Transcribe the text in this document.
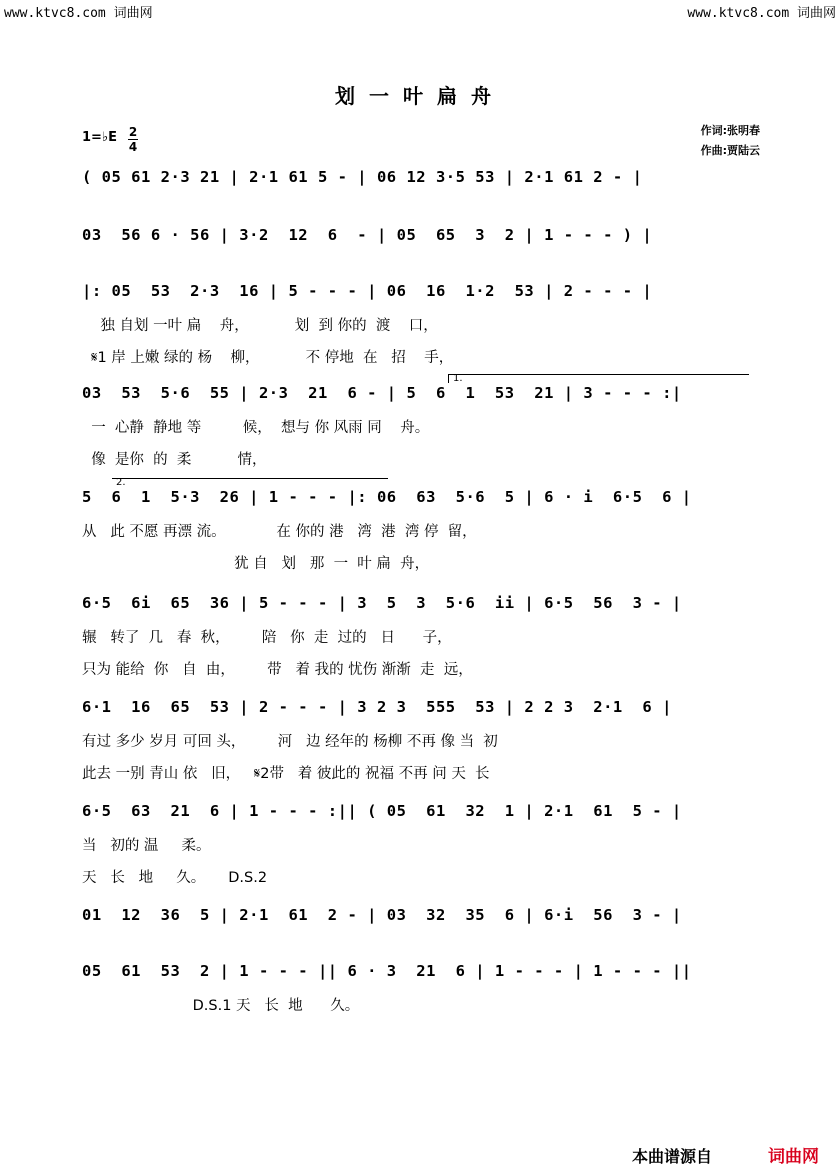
www.ktvc8.com 词曲网	www.ktvc8.com 词曲网
划一叶扁舟
1=♭E 2
4
作词:张明春
作曲:贾陆云
( 05 61 2·3 21 | 2·1 61 5 - | 06 12 3·5 53 | 2·1 61 2 - |
03  56 6 · 56 | 3·2  12  6  - | 05  65  3  2 | 1 - - - ) |
|: 05  53  2·3  16 | 5 - - - | 06  16  1·2  53 | 2 - - - |
独 自划 一叶 扁    舟，          划  到 你的  渡    口，
𝄋1 岸 上嫩 绿的 杨    柳，          不 停地  在   招    手，
1.
03  53  5·6  55 | 2·3  21  6 - | 5  6  1  53  21 | 3 - - - :|
一  心静  静地 等         候，  想与 你 风雨 同    舟。
像  是你  的  柔          情，
2.
5  6  1  5·3  26 | 1 - - - |: 06  63  5·6  5 | 6 · i  6·5  6 |
从   此 不愿 再漂 流。           在 你的 港   湾  港  湾 停  留，
犹 自   划   那  一  叶 扁  舟，
6·5  6i  65  36 | 5 - - - | 3  5  3  5·6  ii | 6·5  56  3 - |
辗   转了  几   春  秋，       陪   你  走  过的   日      子，
只为 能给  你   自  由，       带   着 我的 忧伤 渐渐  走  远，
6·1  16  65  53 | 2 - - - | 3 2 3  555  53 | 2 2 3  2·1  6 |
有过 多少 岁月 可回 头，       河   边 经年的 杨柳 不再 像 当  初
此去 一别 青山 依   旧，   𝄋2带   着 彼此的 祝福 不再 问 天  长
6·5  63  21  6 | 1 - - - :|| ( 05  61  32  1 | 2·1  61  5 - |
当   初的 温     柔。
天   长   地     久。     D.S.2
01  12  36  5 | 2·1  61  2 - | 03  32  35  6 | 6·i  56  3 - |
05  61  53  2 | 1 - - - || 6 · 3  21  6 | 1 - - - | 1 - - - ||
D.S.1 天   长  地      久。
本曲谱源自	词曲网
